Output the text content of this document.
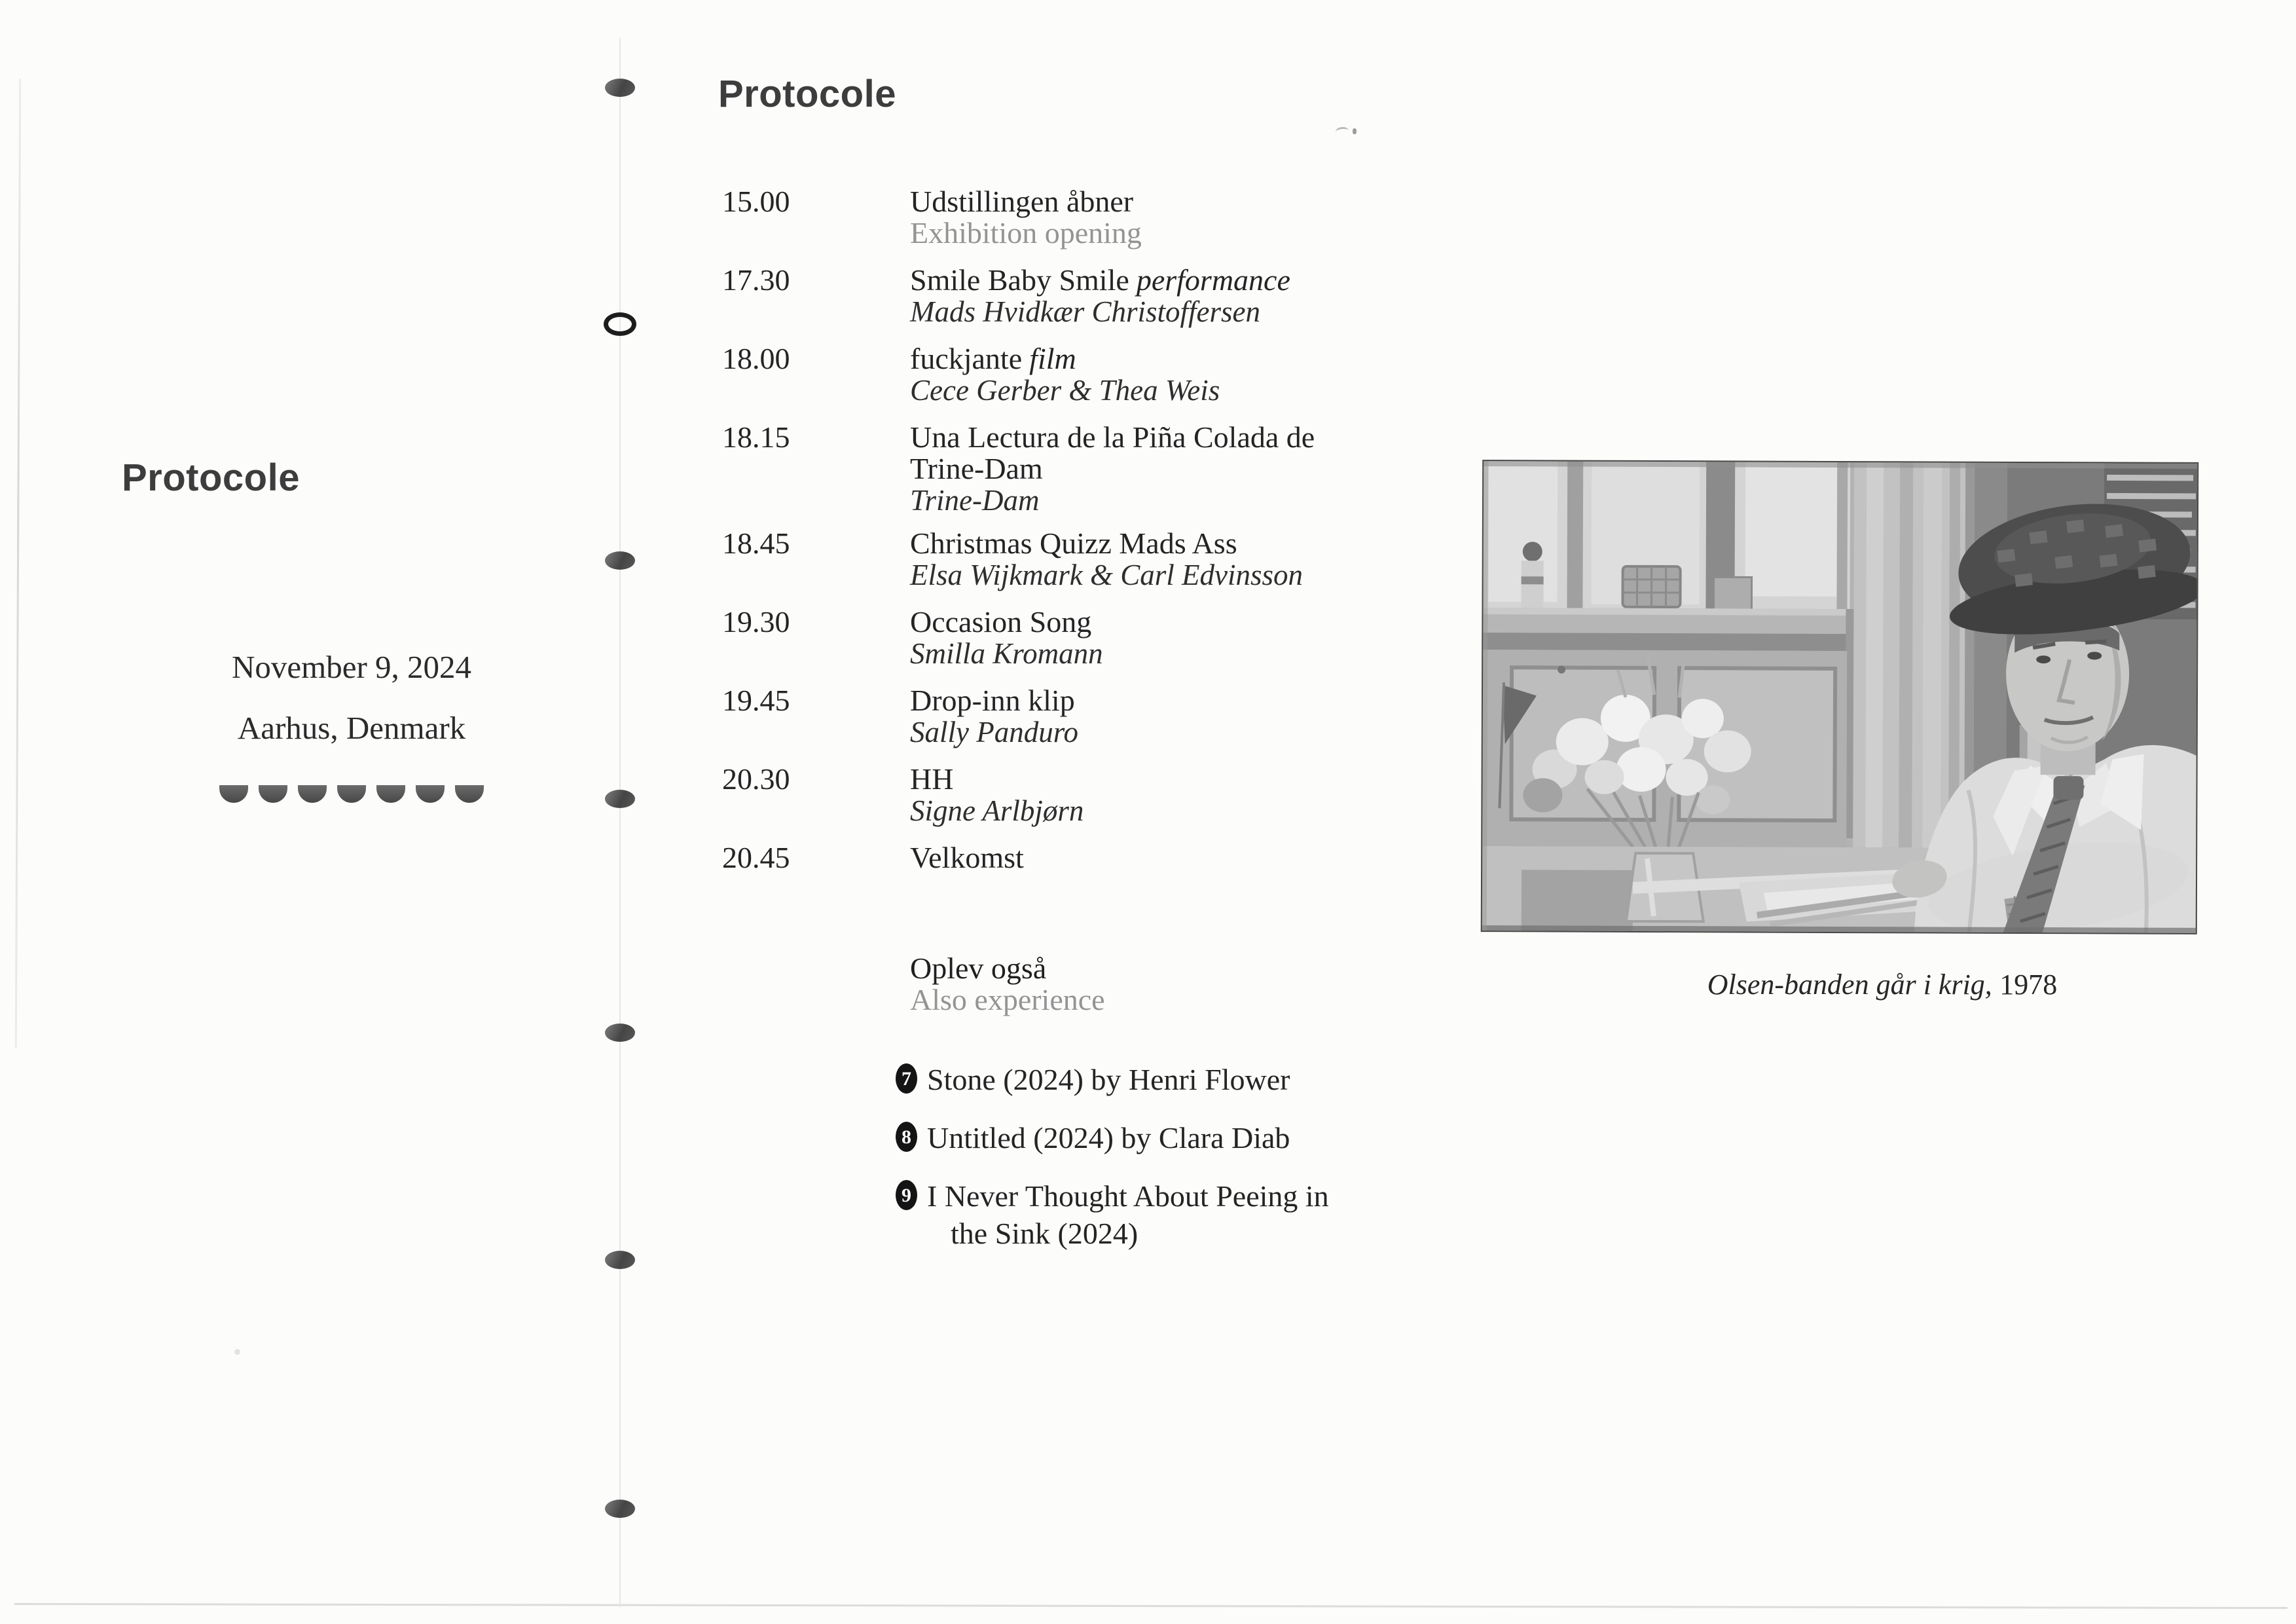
Protocole
November 9, 2024
Aarhus, Denmark
Protocole
15.00	Udstillingen åbner
Exhibition opening
17.30	Smile Baby Smile performance
Mads Hvidkær Christoffersen
18.00	fuckjante film
Cece Gerber & Thea Weis
18.15	Una Lectura de la Piña Colada de Trine-Dam
Trine-Dam
18.45	Christmas Quizz Mads Ass
Elsa Wijkmark & Carl Edvinsson
19.30	Occasion Song
Smilla Kromann
19.45	Drop-inn klip
Sally Panduro
20.30	HH
Signe Arlbjørn
20.45	Velkomst
Oplev også
Also experience
7 Stone (2024) by Henri Flower
8 Untitled (2024) by Clara Diab
9 I Never Thought About Peeing in
the Sink (2024)
Olsen-banden går i krig, 1978
